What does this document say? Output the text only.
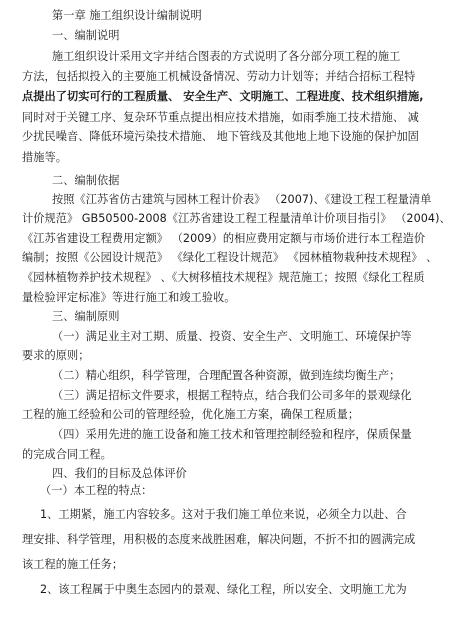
第一章 施工组织设计编制说明
一、编制说明
施工组织设计采用文字并结合图表的方式说明了各分部分项工程的施工
方法，包括拟投入的主要施工机械设备情况、劳动力计划等；并结合招标工程特
点提出了切实可行的工程质量、 安全生产、文明施工、工程进度、技术组织措施,
同时对于关键工序、复杂环节重点提出相应技术措施，如雨季施工技术措施、 减
少扰民噪音、降低环境污染技术措施、 地下管线及其他地上地下设施的保护加固
措施等。
二、编制依据
按照《江苏省仿古建筑与园林工程计价表》 （2007)、《建设工程工程量清单
计价规范》 GB50500-2008《江苏省建设工程工程量清单计价项目指引》 （2004)、
《江苏省建设工程费用定额》 （2009）的相应费用定额与市场价进行本工程造价
编制；按照《公园设计规范》 《绿化工程设计规范》 《园林植物栽种技术规程》 、
《园林植物养护技术规程》 、《大树移植技术规程》规范施工；按照《绿化工程质
量检验评定标准》等进行施工和竣工验收。
三、编制原则
（一）满足业主对工期、质量、投资、安全生产、文明施工、环境保护等
要求的原则；
（二）精心组织，科学管理，合理配置各种资源，做到连续均衡生产；
（三）满足招标文件要求，根据工程特点，结合我们公司多年的景观绿化
工程的施工经验和公司的管理经验，优化施工方案，确保工程质量；
（四）采用先进的施工设备和施工技术和管理控制经验和程序，保质保量
的完成合同工程。
四、我们的目标及总体评价
（一）本工程的特点：
1、工期紧，施工内容较多。这对于我们施工单位来说，必须全力以赴、合
理安排、科学管理，用积极的态度来战胜困难，解决问题，不折不扣的圆满完成
该工程的施工任务；
2、该工程属于中奥生态园内的景观、绿化工程，所以安全、文明施工尤为
